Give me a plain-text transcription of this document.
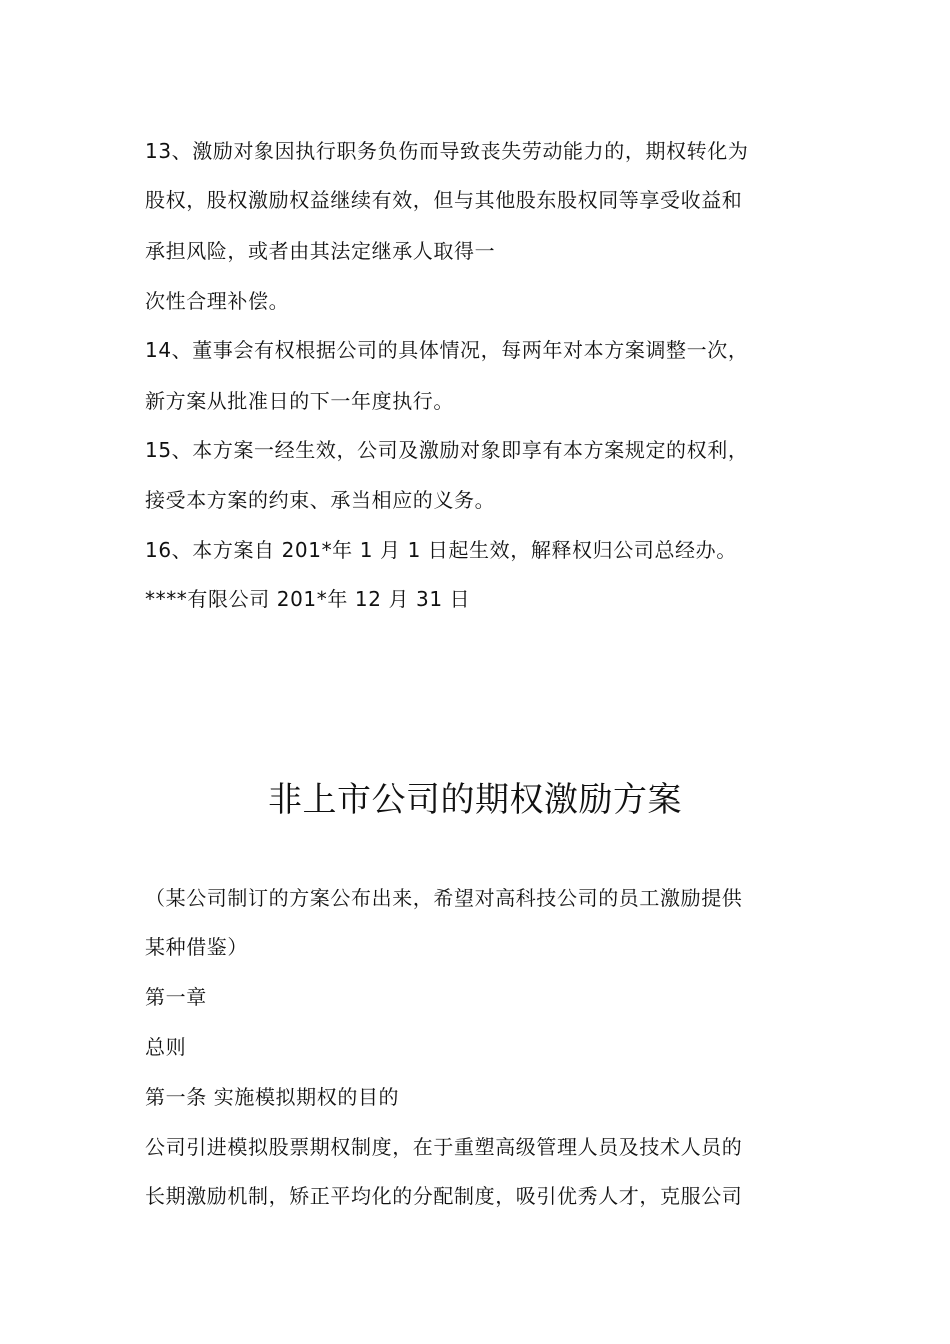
13、激励对象因执行职务负伤而导致丧失劳动能力的，期权转化为
股权，股权激励权益继续有效，但与其他股东股权同等享受收益和
承担风险，或者由其法定继承人取得一
次性合理补偿。
14、董事会有权根据公司的具体情况，每两年对本方案调整一次，
新方案从批准日的下一年度执行。
15、本方案一经生效，公司及激励对象即享有本方案规定的权利，
接受本方案的约束、承当相应的义务。
16、本方案自 201*年 1 月 1 日起生效，解释权归公司总经办。
****有限公司 201*年 12 月 31 日
非上市公司的期权激励方案
（某公司制订的方案公布出来，希望对高科技公司的员工激励提供
某种借鉴）
第一章
总则
第一条 实施模拟期权的目的
公司引进模拟股票期权制度，在于重塑高级管理人员及技术人员的
长期激励机制，矫正平均化的分配制度，吸引优秀人才，克服公司
